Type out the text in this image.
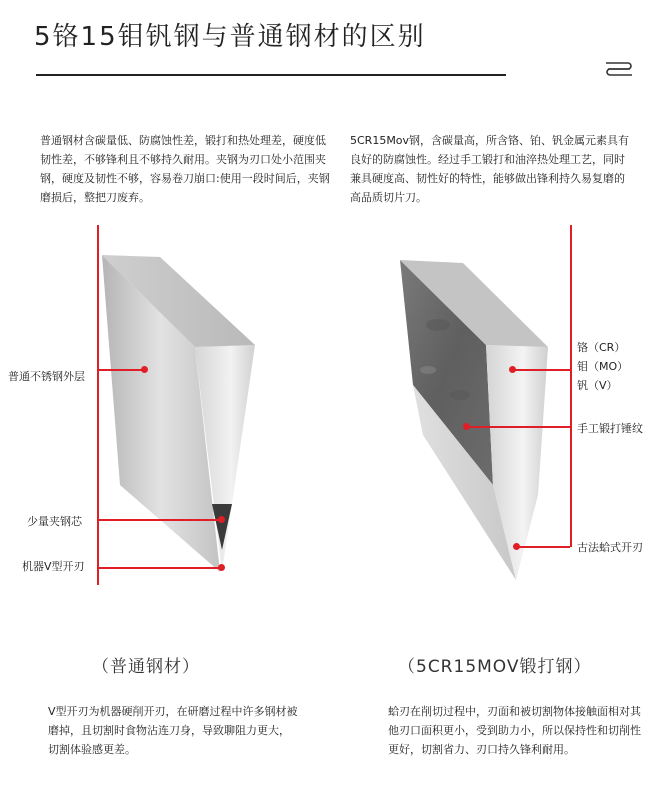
5铬15钼钒钢与普通钢材的区别
普通钢材含碳量低、防腐蚀性差，锻打和热处理差，硬度低韧性差，不够锋利且不够持久耐用。夹钢为刃口处小范围夹钢，硬度及韧性不够，容易卷刀崩口:使用一段时间后，夹钢磨损后，整把刀废弃。
5CR15Mov钢，含碳量高，所含铬、铂、钒金属元素具有良好的防腐蚀性。经过手工锻打和油淬热处理工艺，同时兼具硬度高、韧性好的特性，能够做出锋利持久易复磨的高品质切片刀。
普通不锈钢外层
少量夹钢芯
机器V型开刃
铬（CR）
钼（MO）
钒（V）
手工锻打锤纹
古法蛤式开刃
（普通钢材）	（5CR15MOV锻打钢）
V型开刃为机器硬削开刃，在研磨过程中许多钢材被磨掉，且切割时食物沾连刀身，导致聊阻力更大，切割体验感更差。
蛤刃在削切过程中，刃面和被切割物体接触面相对其他刃口面积更小，受到助力小，所以保持性和切削性更好，切割省力、刃口持久锋利耐用。
